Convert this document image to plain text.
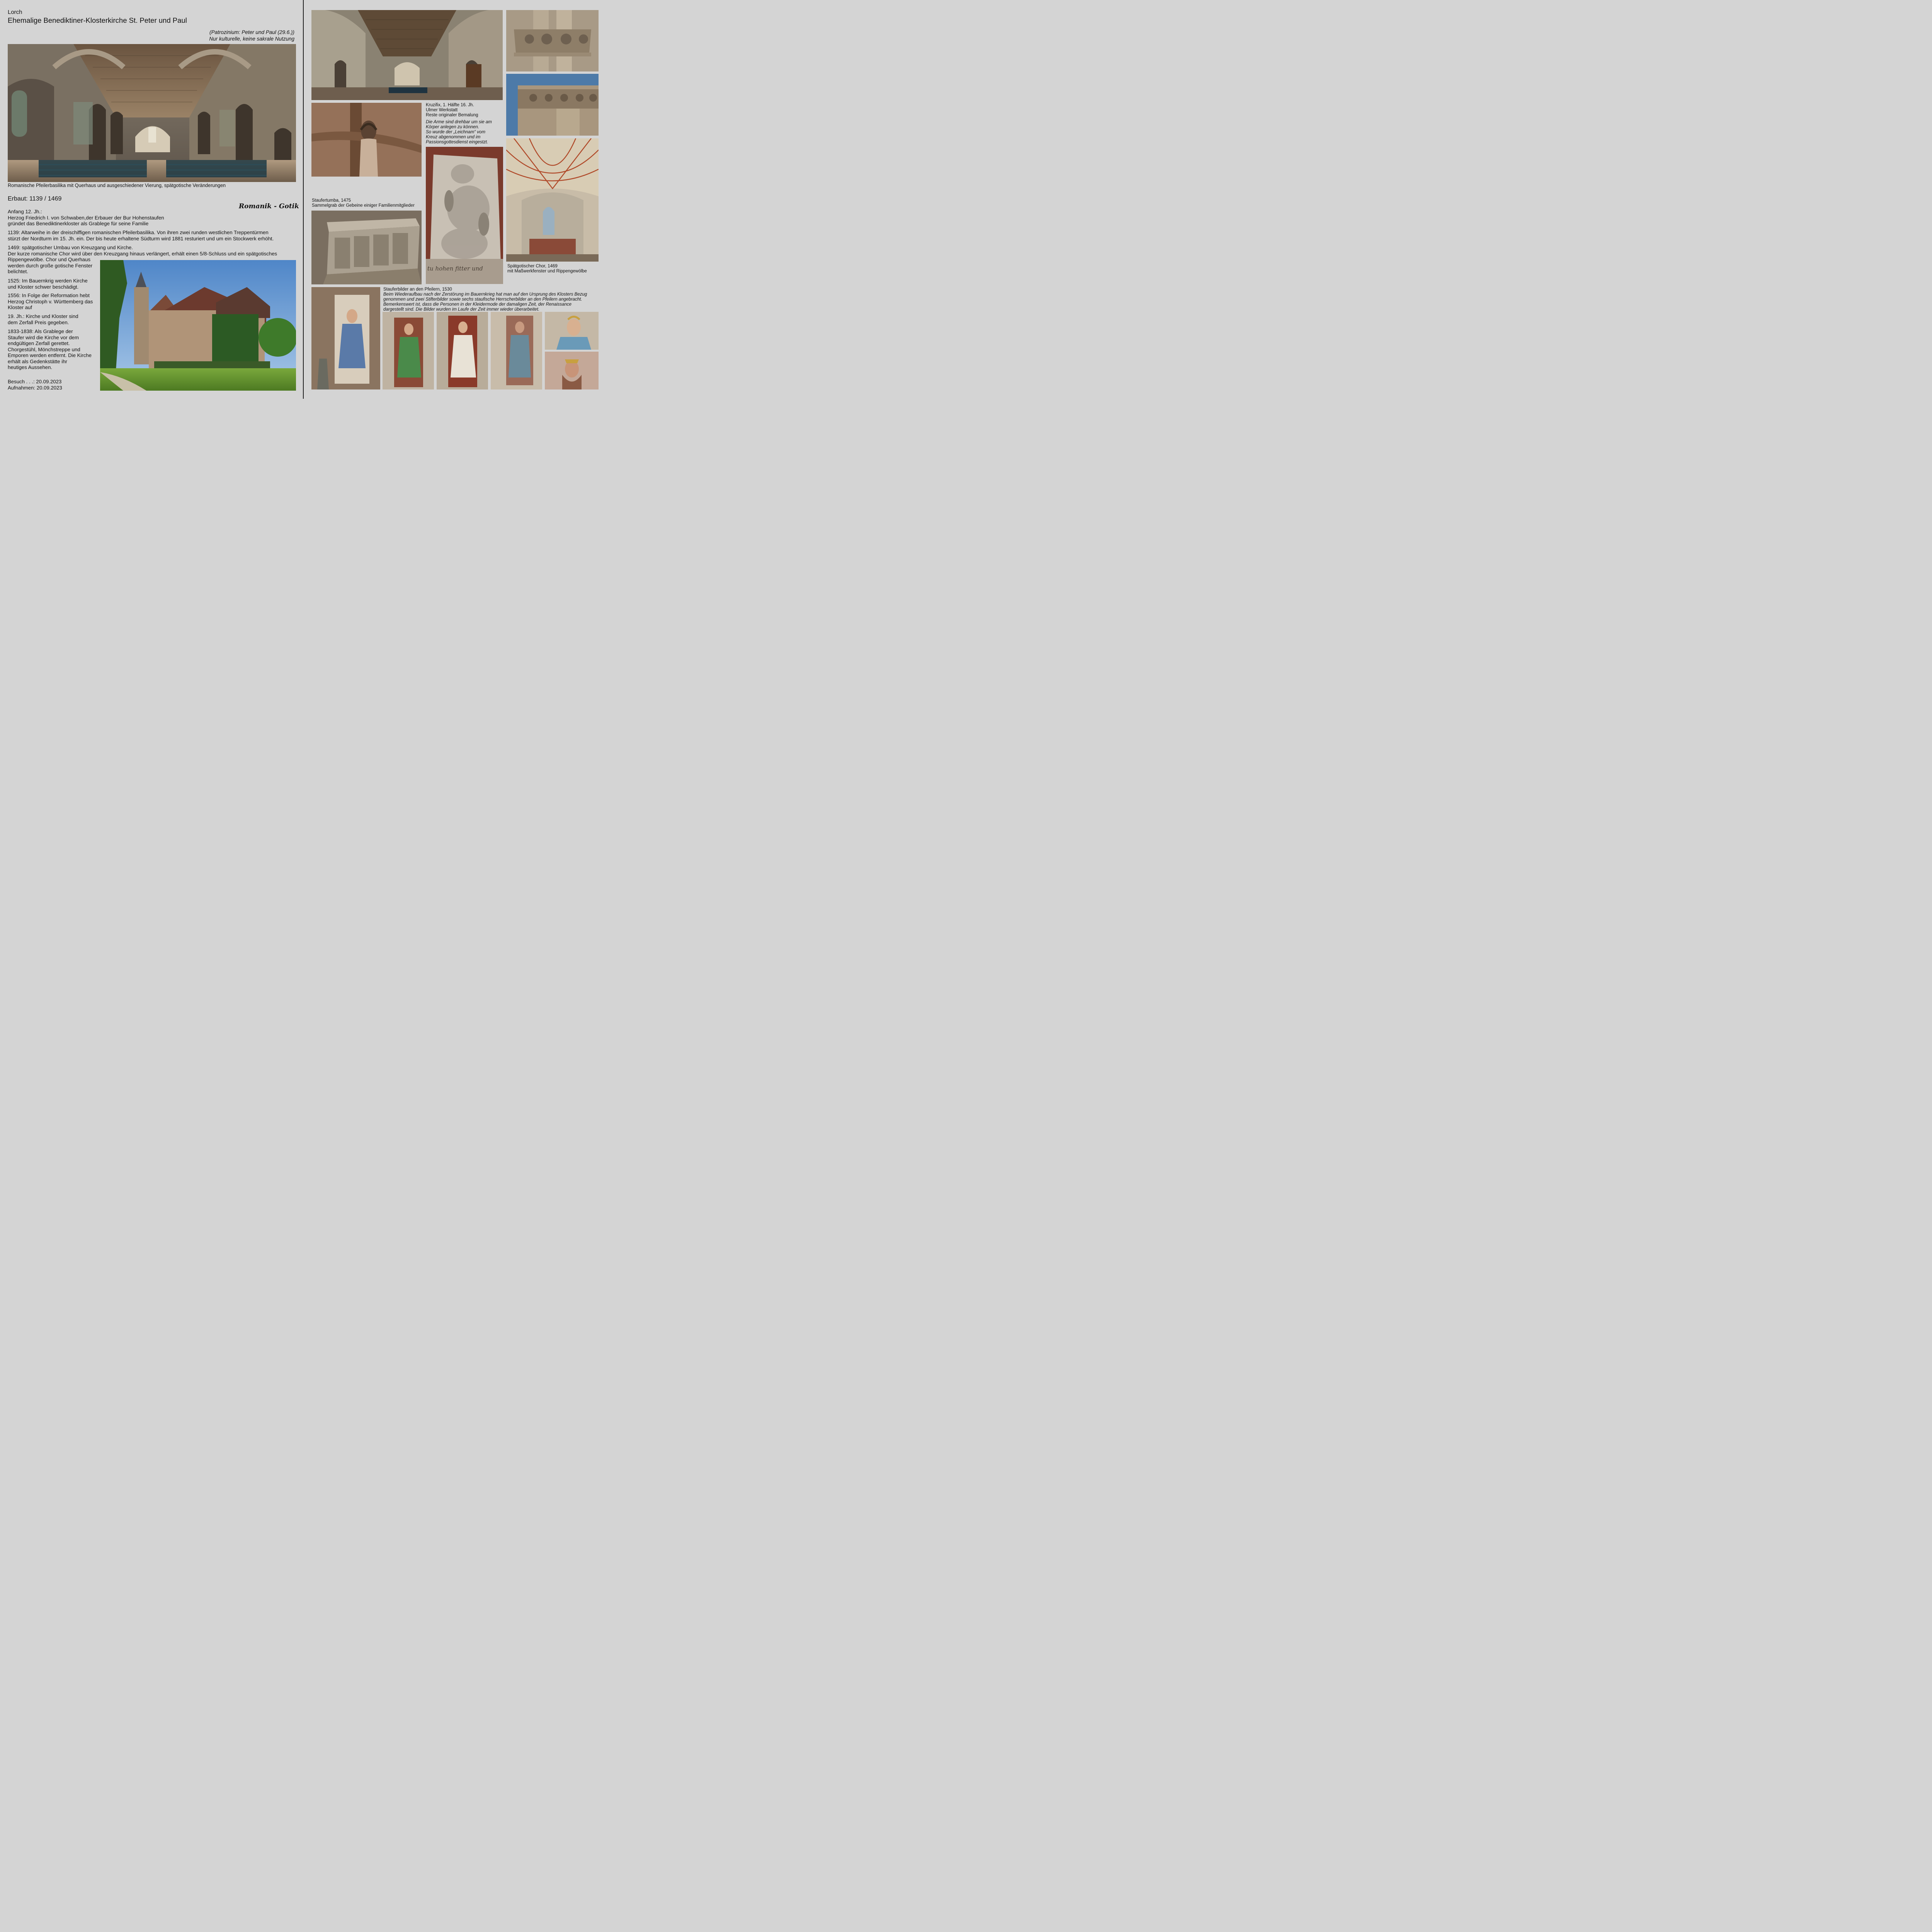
Lorch
Ehemalige Benediktiner-Klosterkirche St. Peter und Paul
(Patrozinium: Peter und Paul (29.6.))
Nur kulturelle, keine sakrale Nutzung
Romanische Pfeilerbasilika mit Querhaus und ausgeschiedener Vierung, spätgotische Veränderungen
Erbaut: 1139 / 1469
Romanik - Gotik
Anfang 12. Jh.:
Herzog Friedrich I. von Schwaben,der Erbauer der Bur Hohenstaufen
gründet das Benediktinerkloster als Grablege für seine Familie
1139: Altarweihe in der dreischiffigen romanischen Pfeilerbasilika. Von ihren zwei runden westlichen Treppentürmen
stürzt der Nordturm im 15. Jh. ein. Der bis heute erhaltene Südturm wird 1881 resturiert und um ein Stockwerk erhöht.
1469: spätgotischer Umbau von Kreuzgang und Kirche.
Der kurze romanische Chor wird über den Kreuzgang hinaus verlängert, erhält einen 5/8-Schluss und ein spätgotisches
Rippengewölbe. Chor und Querhaus
werden durch große gotische Fenster
belichtet.
1525: Im Bauernkrig werden Kirche
und Kloster schwer beschädigt.
1556: In Folge der Reformation hebt
Herzog Christoph v. Württemberg das
Kloster auf
19. Jh.: Kirche und Kloster sind
dem Zerfall Preis gegeben.
1833-1838: Als Grablege der
Staufer wird die Kirche vor dem
endgültigen Zerfall gerettet.
Chorgestühl, Mönchstreppe und
Emporen werden entfernt. Die Kirche
erhält als Gedenkstätte ihr
heutiges Aussehen.
Besuch . . .: 20.09.2023
Aufnahmen: 20.09.2023
Kruzifix, 1. Hälfte 16. Jh.
Ulmer Werkstatt
Reste originaler Bemalung
Die Arme sind drehbar um sie am
Körper anlegen zu können.
So wurde der „Leichnam“ vom
Kreuz abgenommen und im
Passionsgottesdienst eingestzt.
tu hohen fitter und	Spätgotischer Chor, 1469
mit Maßwerkfenster und Rippengewölbe
Staufertumba, 1475
Sammelgrab der Gebeine einiger Familienmitglieder
Stauferbilder an den Pfeilern, 1530
Beim Wiederaufbau nach der Zerstörung im Bauernkrieg hat man auf den Ursprung des Klosters Bezug
genommen und zwei Stifterbilder sowie sechs staufische Herrscherbilder an den Pfeilern angebracht.
Bemerkenswert ist, dass die Personen in der Kleidermode der damaligen Zeit, der Renaissance
dargestellt sind. Die Bilder wurden im Laufe der Zeit immer wieder überarbeitet.
